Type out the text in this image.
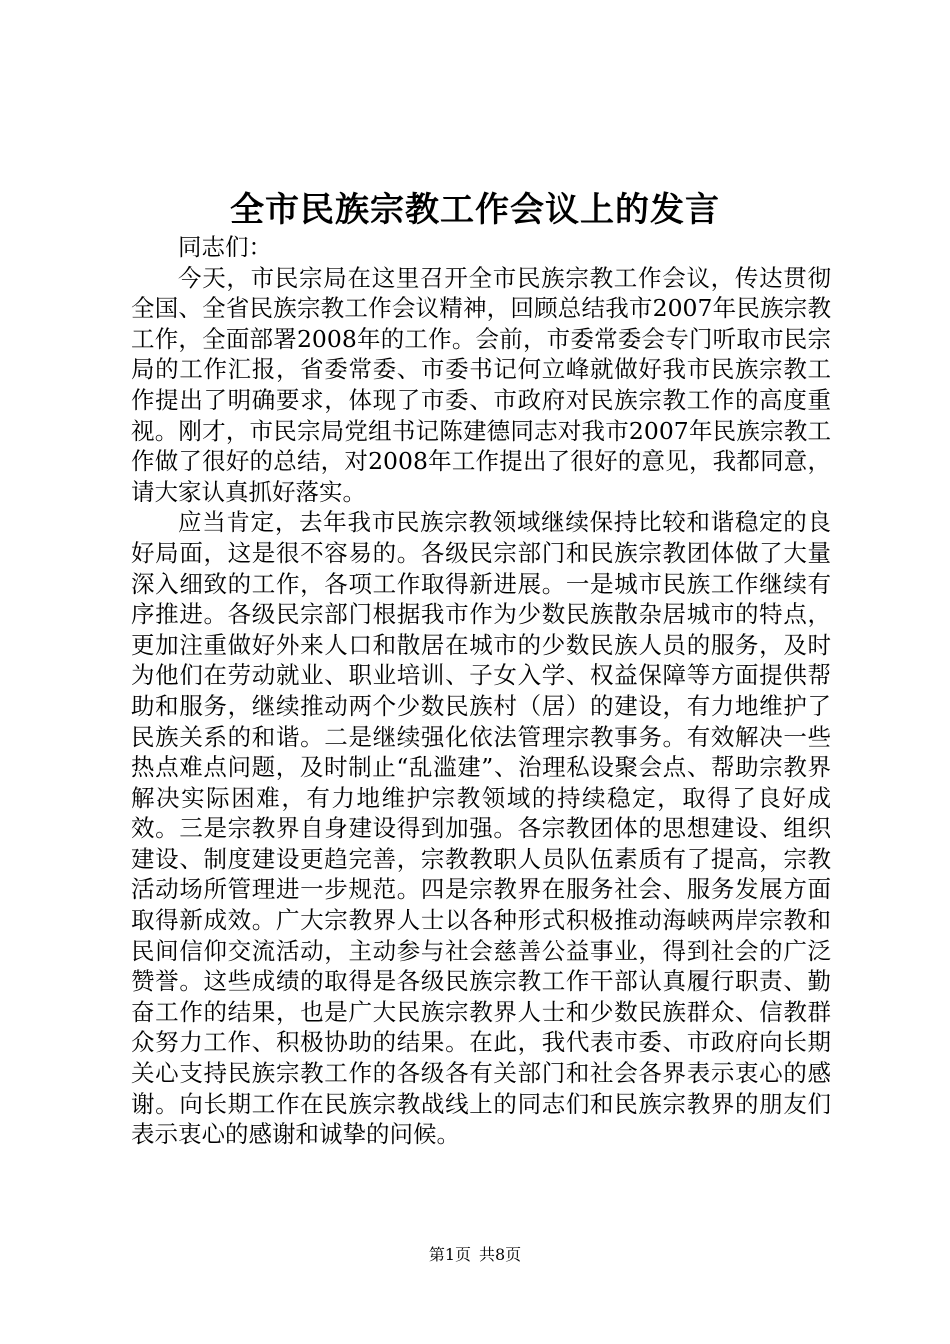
全市民族宗教工作会议上的发言

同志们：

今天，市民宗局在这里召开全市民族宗教工作会议，传达贯彻全国、全省民族宗教工作会议精神，回顾总结我市2007年民族宗教工作，全面部署2008年的工作。会前，市委常委会专门听取市民宗局的工作汇报，省委常委、市委书记何立峰就做好我市民族宗教工作提出了明确要求，体现了市委、市政府对民族宗教工作的高度重视。刚才，市民宗局党组书记陈建德同志对我市2007年民族宗教工作做了很好的总结，对2008年工作提出了很好的意见，我都同意，请大家认真抓好落实。

应当肯定，去年我市民族宗教领域继续保持比较和谐稳定的良好局面，这是很不容易的。各级民宗部门和民族宗教团体做了大量深入细致的工作，各项工作取得新进展。一是城市民族工作继续有序推进。各级民宗部门根据我市作为少数民族散杂居城市的特点，更加注重做好外来人口和散居在城市的少数民族人员的服务，及时为他们在劳动就业、职业培训、子女入学、权益保障等方面提供帮助和服务，继续推动两个少数民族村（居）的建设，有力地维护了民族关系的和谐。二是继续强化依法管理宗教事务。有效解决一些热点难点问题，及时制止“乱滥建”、治理私设聚会点、帮助宗教界解决实际困难，有力地维护宗教领域的持续稳定，取得了良好成效。三是宗教界自身建设得到加强。各宗教团体的思想建设、组织建设、制度建设更趋完善，宗教教职人员队伍素质有了提高，宗教活动场所管理进一步规范。四是宗教界在服务社会、服务发展方面取得新成效。广大宗教界人士以各种形式积极推动海峡两岸宗教和民间信仰交流活动，主动参与社会慈善公益事业，得到社会的广泛赞誉。这些成绩的取得是各级民族宗教工作干部认真履行职责、勤奋工作的结果，也是广大民族宗教界人士和少数民族群众、信教群众努力工作、积极协助的结果。在此，我代表市委、市政府向长期关心支持民族宗教工作的各级各有关部门和社会各界表示衷心的感谢。向长期工作在民族宗教战线上的同志们和民族宗教界的朋友们表示衷心的感谢和诚挚的问候。

第1页 共8页
